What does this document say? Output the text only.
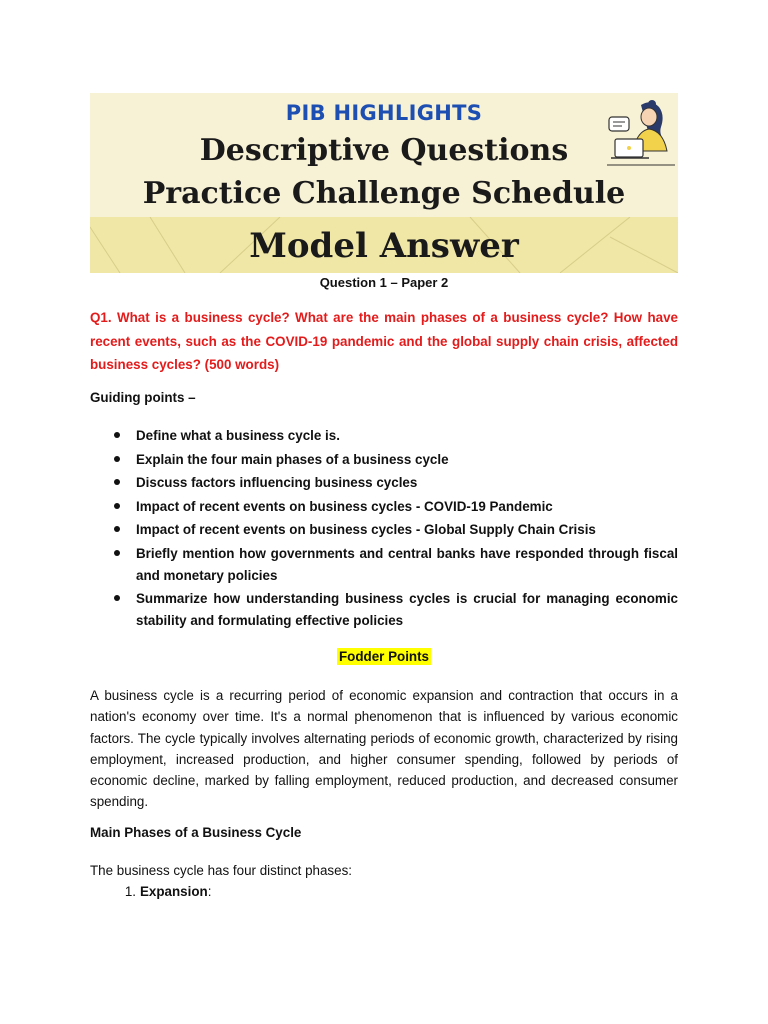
PIB HIGHLIGHTS
Descriptive Questions
Practice Challenge Schedule
Model Answer
Question 1 – Paper 2
Q1. What is a business cycle? What are the main phases of a business cycle? How have recent events, such as the COVID-19 pandemic and the global supply chain crisis, affected business cycles? (500 words)
Guiding points –
Define what a business cycle is.
Explain the four main phases of a business cycle
Discuss factors influencing business cycles
Impact of recent events on business cycles - COVID-19 Pandemic
Impact of recent events on business cycles - Global Supply Chain Crisis
Briefly mention how governments and central banks have responded through fiscal and monetary policies
Summarize how understanding business cycles is crucial for managing economic stability and formulating effective policies
Fodder Points

A business cycle is a recurring period of economic expansion and contraction that occurs in a nation's economy over time. It's a normal phenomenon that is influenced by various economic factors. The cycle typically involves alternating periods of economic growth, characterized by rising employment, increased production, and higher consumer spending, followed by periods of economic decline, marked by falling employment, reduced production, and decreased consumer spending.

Main Phases of a Business Cycle
The business cycle has four distinct phases:
1. Expansion:
